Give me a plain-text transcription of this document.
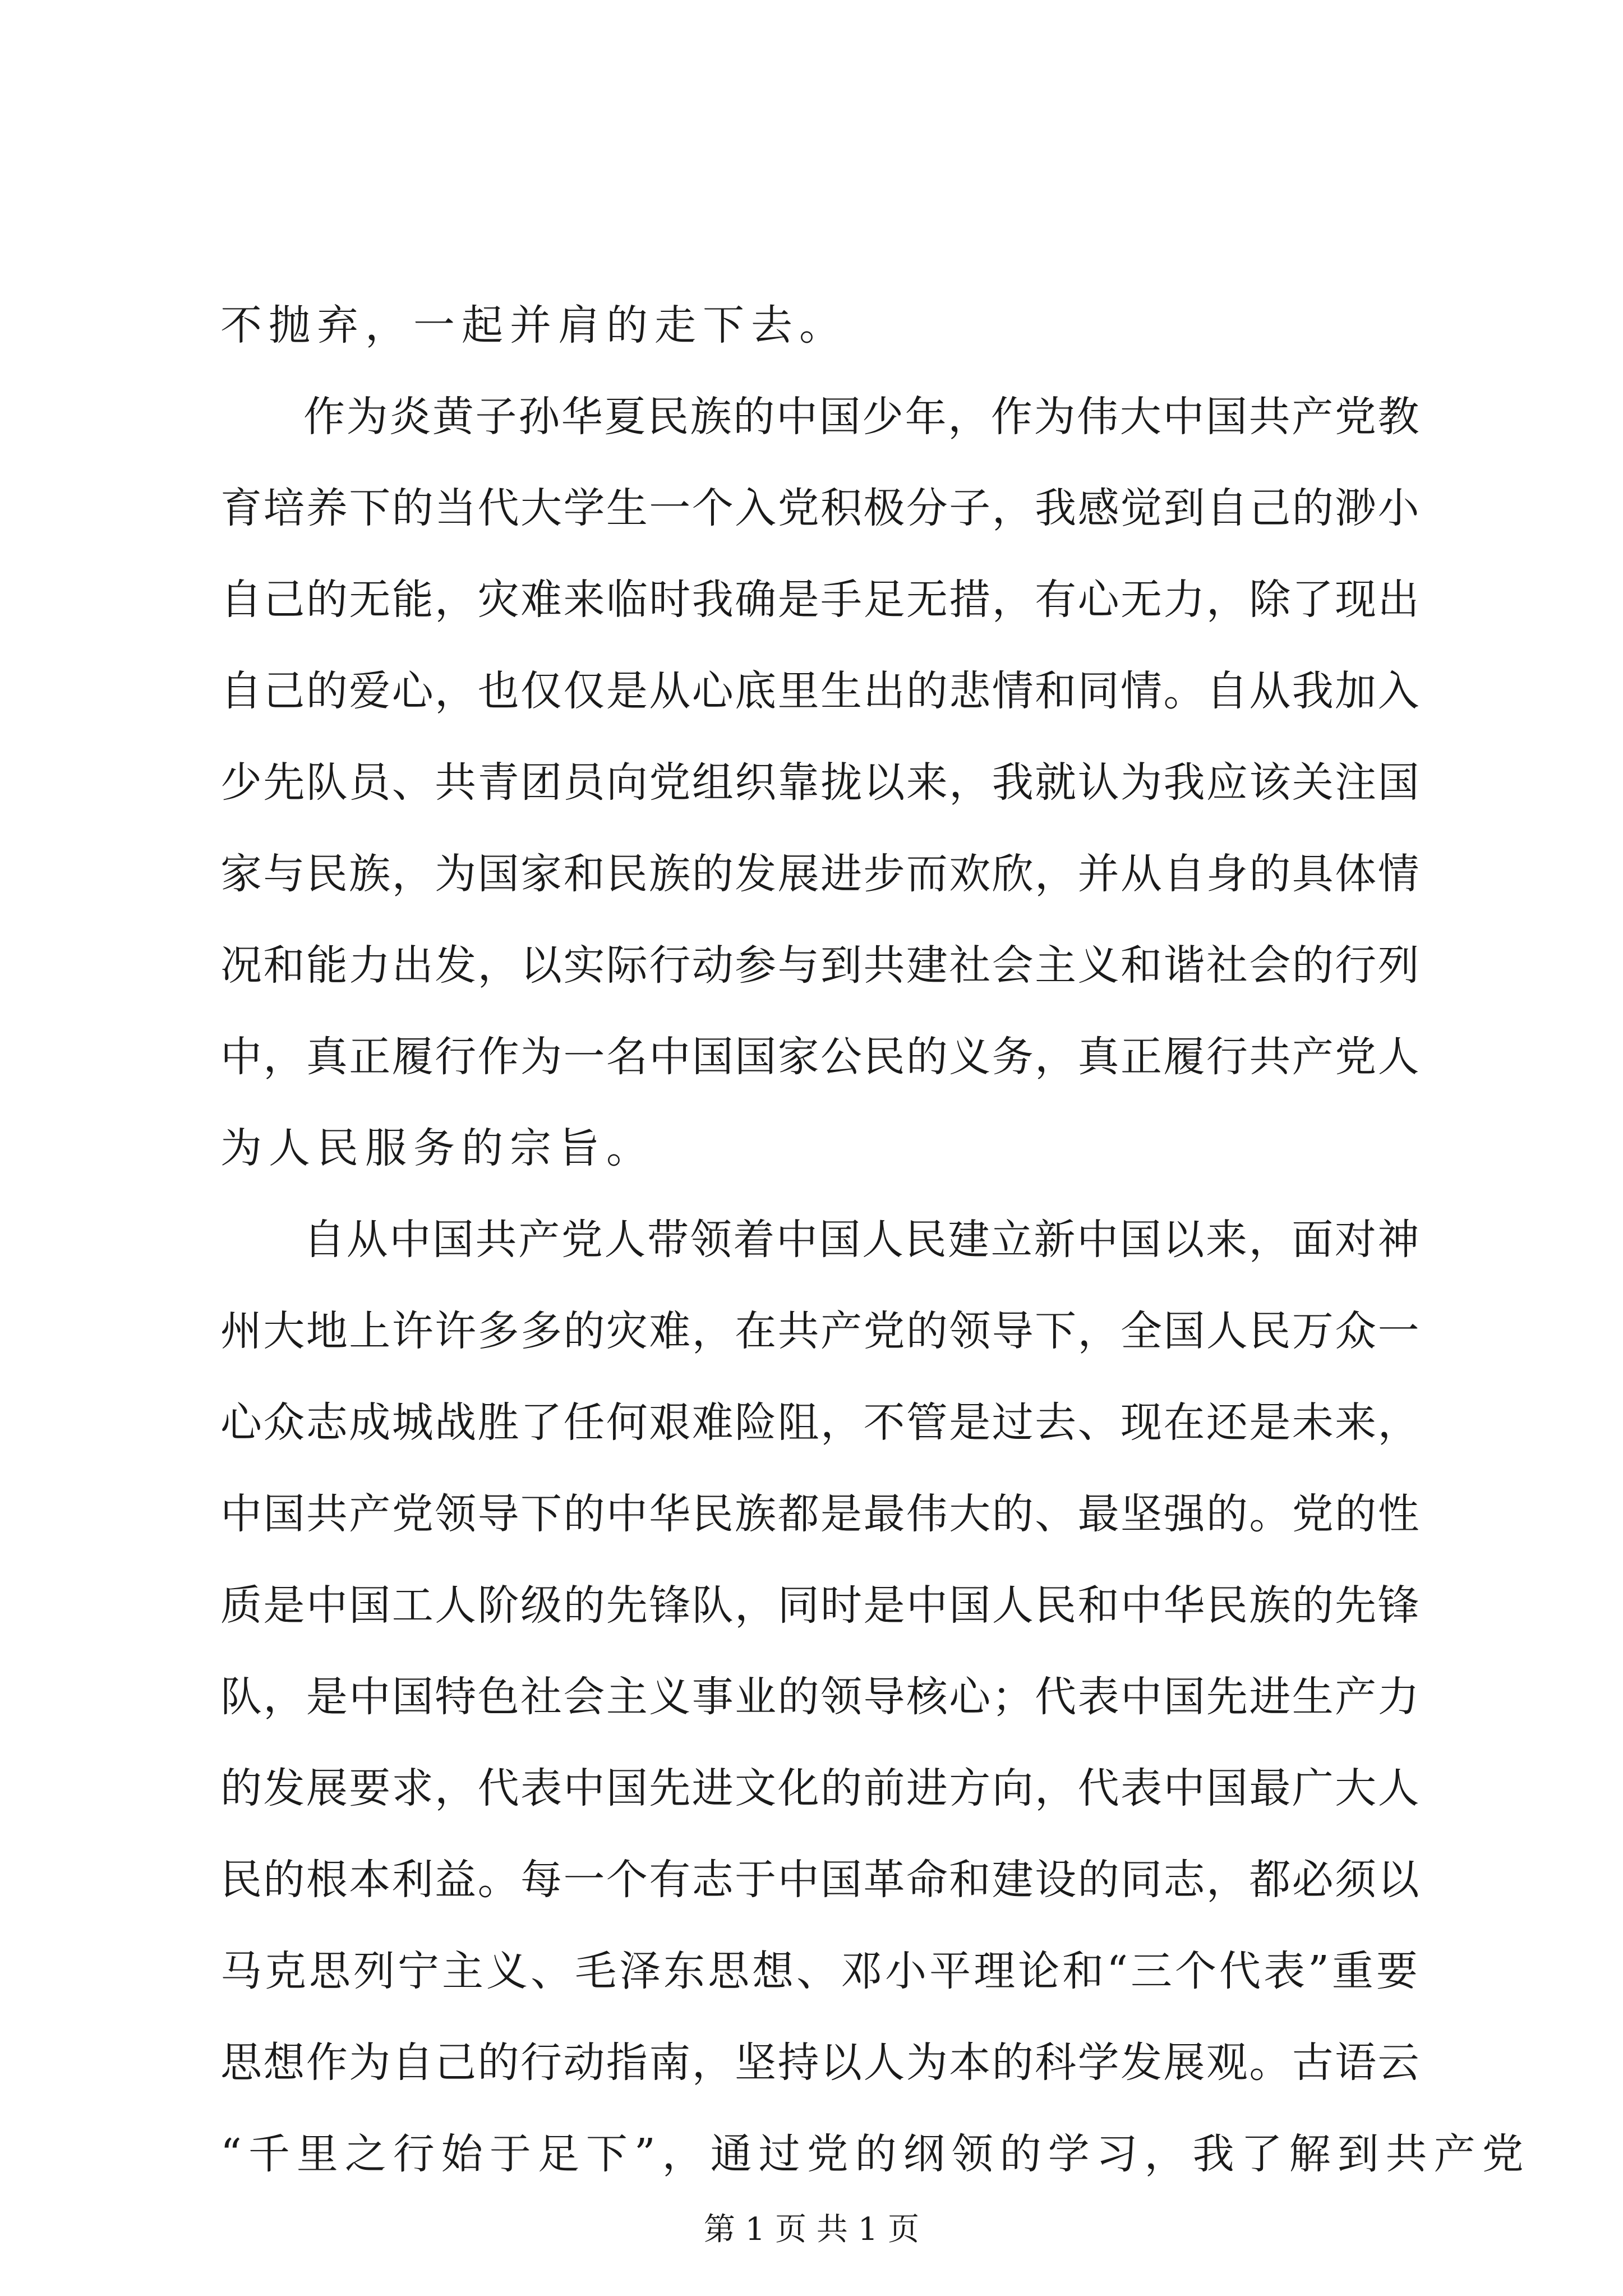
不抛弃，一起并肩的走下去。
作为炎黄子孙华夏民族的中国少年，作为伟大中国共产党教
育培养下的当代大学生一个入党积极分子，我感觉到自己的渺小
自己的无能，灾难来临时我确是手足无措，有心无力，除了现出
自己的爱心，也仅仅是从心底里生出的悲情和同情。自从我加入
少先队员、共青团员向党组织靠拢以来，我就认为我应该关注国
家与民族，为国家和民族的发展进步而欢欣，并从自身的具体情
况和能力出发，以实际行动参与到共建社会主义和谐社会的行列
中，真正履行作为一名中国国家公民的义务，真正履行共产党人
为人民服务的宗旨。
自从中国共产党人带领着中国人民建立新中国以来，面对神
州大地上许许多多的灾难，在共产党的领导下，全国人民万众一
心众志成城战胜了任何艰难险阻，不管是过去、现在还是未来，
中国共产党领导下的中华民族都是最伟大的、最坚强的。党的性
质是中国工人阶级的先锋队，同时是中国人民和中华民族的先锋
队，是中国特色社会主义事业的领导核心；代表中国先进生产力
的发展要求，代表中国先进文化的前进方向，代表中国最广大人
民的根本利益。每一个有志于中国革命和建设的同志，都必须以
马克思列宁主义、毛泽东思想、邓小平理论和“三个代表”重要
思想作为自己的行动指南，坚持以人为本的科学发展观。古语云
“千里之行始于足下”，通过党的纲领的学习，我了解到共产党
第 1 页 共 1 页
